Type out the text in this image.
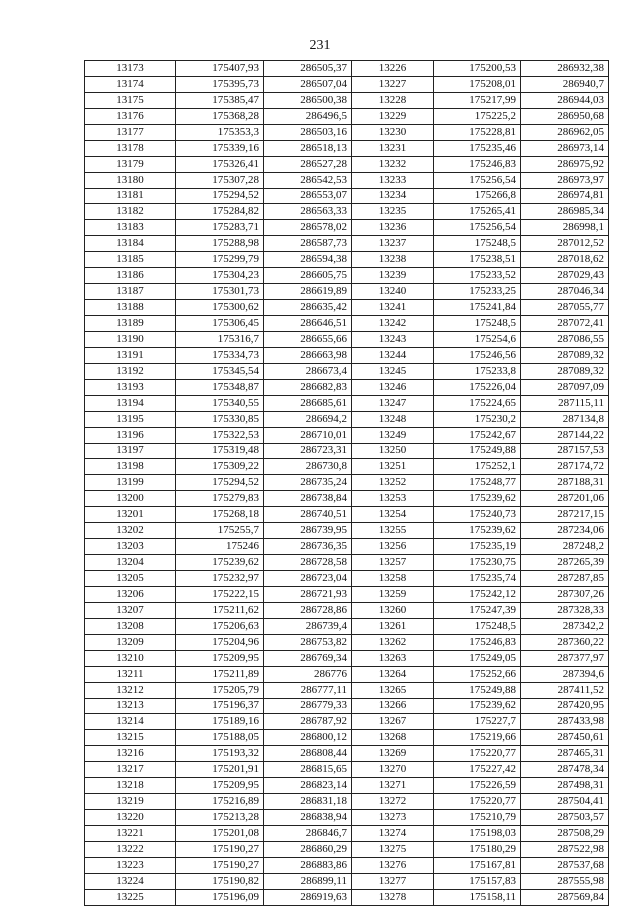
231
13173	175407,93	286505,37	13226	175200,53	286932,38
13174	175395,73	286507,04	13227	175208,01	286940,7
13175	175385,47	286500,38	13228	175217,99	286944,03
13176	175368,28	286496,5	13229	175225,2	286950,68
13177	175353,3	286503,16	13230	175228,81	286962,05
13178	175339,16	286518,13	13231	175235,46	286973,14
13179	175326,41	286527,28	13232	175246,83	286975,92
13180	175307,28	286542,53	13233	175256,54	286973,97
13181	175294,52	286553,07	13234	175266,8	286974,81
13182	175284,82	286563,33	13235	175265,41	286985,34
13183	175283,71	286578,02	13236	175256,54	286998,1
13184	175288,98	286587,73	13237	175248,5	287012,52
13185	175299,79	286594,38	13238	175238,51	287018,62
13186	175304,23	286605,75	13239	175233,52	287029,43
13187	175301,73	286619,89	13240	175233,25	287046,34
13188	175300,62	286635,42	13241	175241,84	287055,77
13189	175306,45	286646,51	13242	175248,5	287072,41
13190	175316,7	286655,66	13243	175254,6	287086,55
13191	175334,73	286663,98	13244	175246,56	287089,32
13192	175345,54	286673,4	13245	175233,8	287089,32
13193	175348,87	286682,83	13246	175226,04	287097,09
13194	175340,55	286685,61	13247	175224,65	287115,11
13195	175330,85	286694,2	13248	175230,2	287134,8
13196	175322,53	286710,01	13249	175242,67	287144,22
13197	175319,48	286723,31	13250	175249,88	287157,53
13198	175309,22	286730,8	13251	175252,1	287174,72
13199	175294,52	286735,24	13252	175248,77	287188,31
13200	175279,83	286738,84	13253	175239,62	287201,06
13201	175268,18	286740,51	13254	175240,73	287217,15
13202	175255,7	286739,95	13255	175239,62	287234,06
13203	175246	286736,35	13256	175235,19	287248,2
13204	175239,62	286728,58	13257	175230,75	287265,39
13205	175232,97	286723,04	13258	175235,74	287287,85
13206	175222,15	286721,93	13259	175242,12	287307,26
13207	175211,62	286728,86	13260	175247,39	287328,33
13208	175206,63	286739,4	13261	175248,5	287342,2
13209	175204,96	286753,82	13262	175246,83	287360,22
13210	175209,95	286769,34	13263	175249,05	287377,97
13211	175211,89	286776	13264	175252,66	287394,6
13212	175205,79	286777,11	13265	175249,88	287411,52
13213	175196,37	286779,33	13266	175239,62	287420,95
13214	175189,16	286787,92	13267	175227,7	287433,98
13215	175188,05	286800,12	13268	175219,66	287450,61
13216	175193,32	286808,44	13269	175220,77	287465,31
13217	175201,91	286815,65	13270	175227,42	287478,34
13218	175209,95	286823,14	13271	175226,59	287498,31
13219	175216,89	286831,18	13272	175220,77	287504,41
13220	175213,28	286838,94	13273	175210,79	287503,57
13221	175201,08	286846,7	13274	175198,03	287508,29
13222	175190,27	286860,29	13275	175180,29	287522,98
13223	175190,27	286883,86	13276	175167,81	287537,68
13224	175190,82	286899,11	13277	175157,83	287555,98
13225	175196,09	286919,63	13278	175158,11	287569,84
